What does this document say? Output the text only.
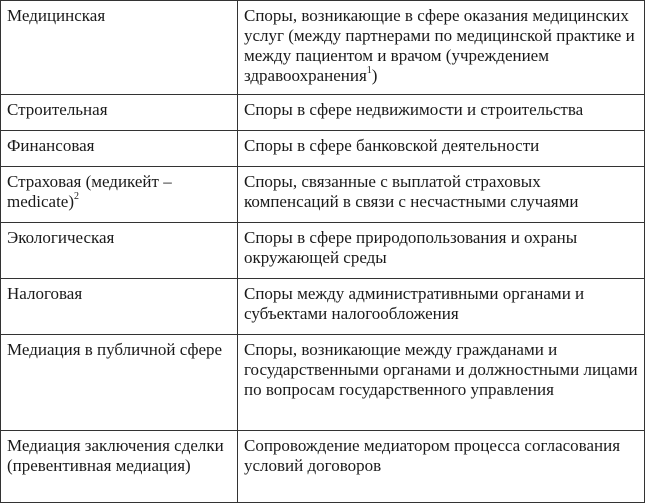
Медицинская	Споры, возникающие в сфере оказания медицинских услуг (между партнерами по медицинской практике и между пациентом и врачом (учреждением здравоохранения$^1$)
Строительная	Споры в сфере недвижимости и строительства
Финансовая	Споры в сфере банковской деятельности
Страховая (медикейт – medicate)$^2$	Споры, связанные с выплатой страховых компенсаций в связи с несчастными случаями
Экологическая	Споры в сфере природопользования и охраны окружающей среды
Налоговая	Споры между административными органами и субъектами налогообложения
Медиация в публичной сфере	Споры, возникающие между гражданами и государственными органами и должностными лицами по вопросам государственного управления
Медиация заключения сделки (превентивная медиация)	Сопровождение медиатором процесса согласования условий договоров
